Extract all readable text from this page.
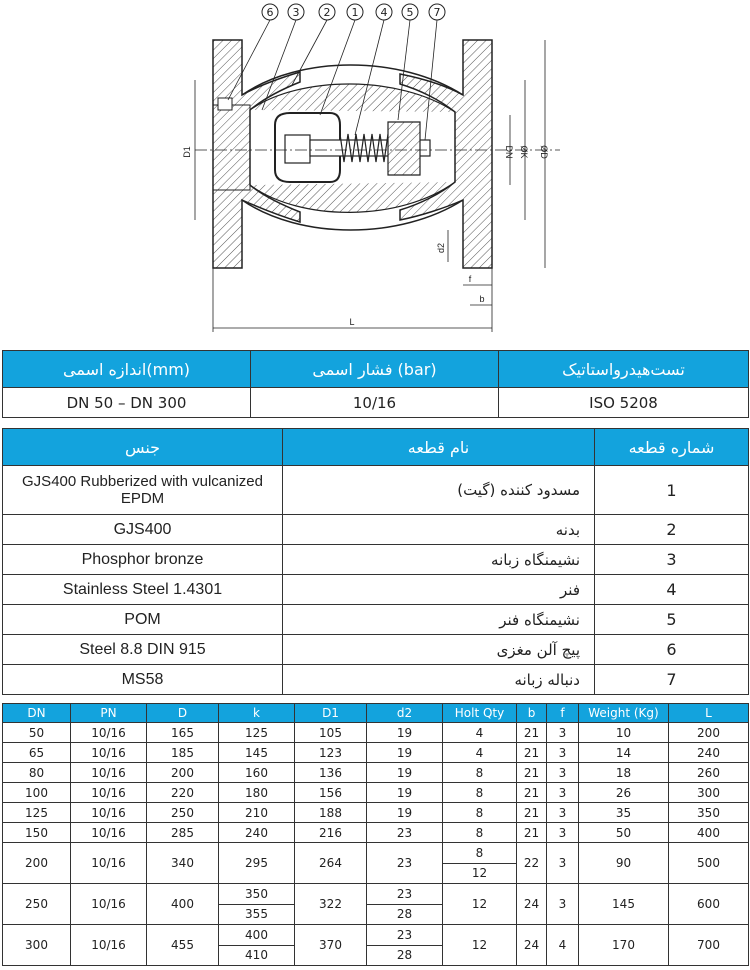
6 3 2 1 4 5 7
D1	DN ØK ØD
d2
f
b
L
اندازه اسمی(mm)	فشار اسمی (bar)	تست‌هیدرواستاتیک
DN 50 – DN 300	10/16	ISO 5208
جنس	نام قطعه	شماره قطعه
GJS400 Rubberized with vulcanized EPDM	مسدود کننده (گیت)	1
GJS400	بدنه	2
Phosphor bronze	نشیمنگاه زبانه	3
Stainless Steel 1.4301	فنر	4
POM	نشیمنگاه فنر	5
Steel 8.8 DIN 915	پیچ آلن مغزی	6
MS58	دنباله زبانه	7
DN	PN	D	k	D1	d2	Holt Qty	b	f	Weight (Kg)	L
50	10/16	165	125	105	19	4	21	3	10	200
65	10/16	185	145	123	19	4	21	3	14	240
80	10/16	200	160	136	19	8	21	3	18	260
100	10/16	220	180	156	19	8	21	3	26	300
125	10/16	250	210	188	19	8	21	3	35	350
150	10/16	285	240	216	23	8	21	3	50	400
200	10/16	340	295	264	23	8	22	3	90	500
						12				
250	10/16	400	350	322	23	12	24	3	145	600
			355		28					
300	10/16	455	400	370	23	12	24	4	170	700
			410		28					
